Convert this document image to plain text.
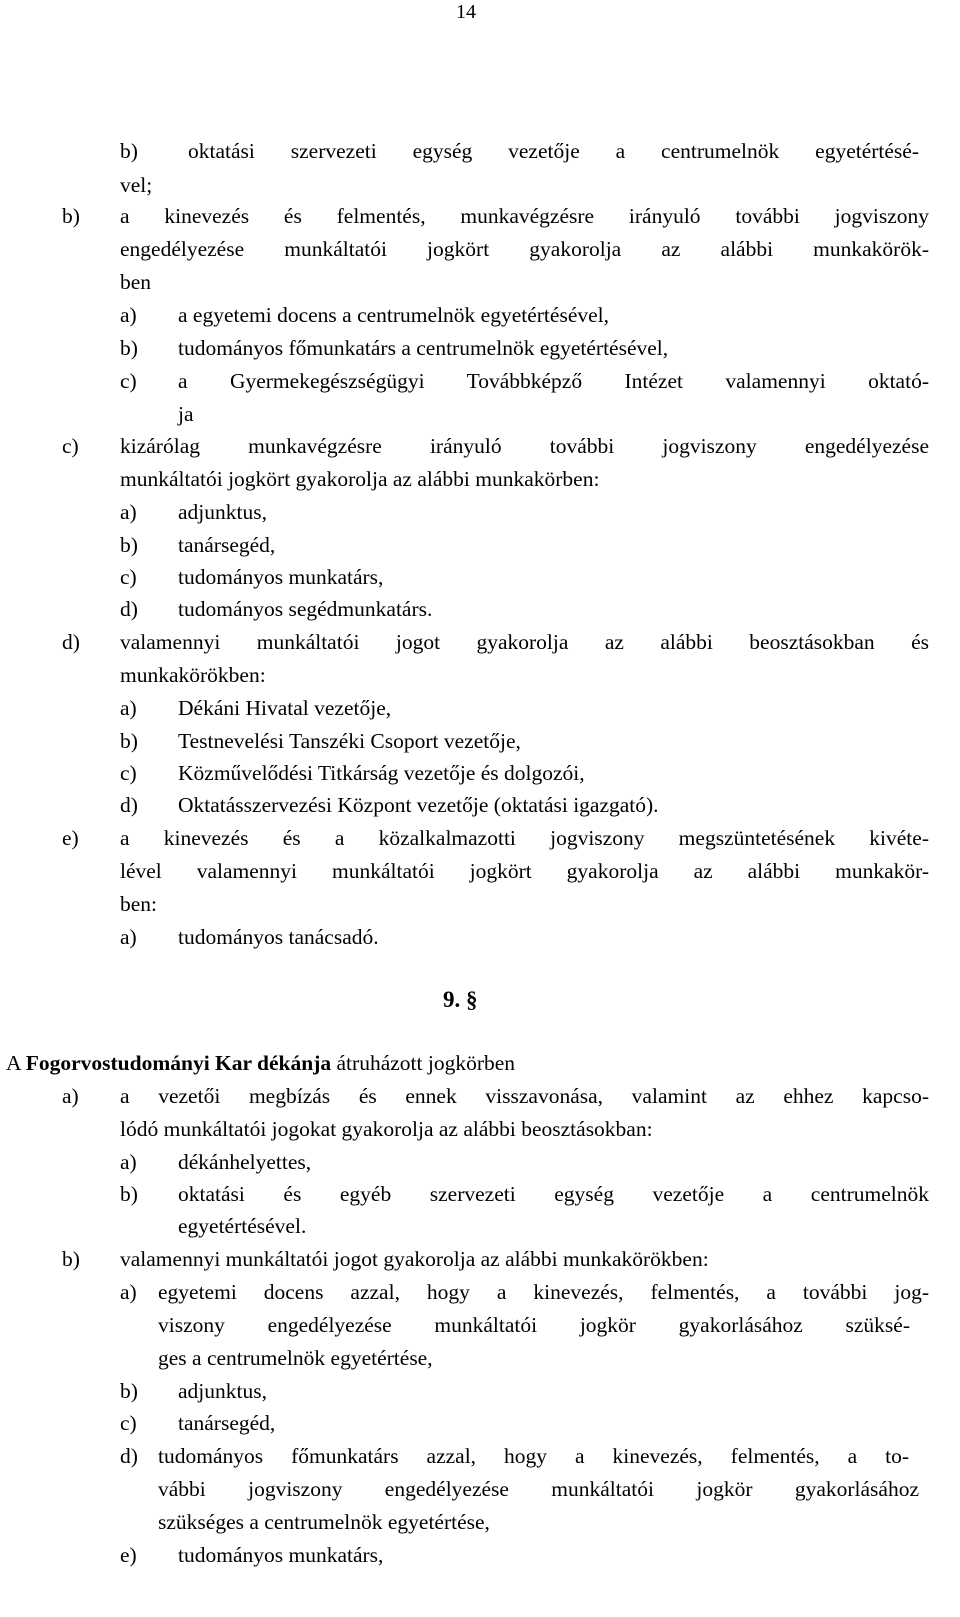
14
b) oktatási szervezeti egység vezetője a centrumelnök egyetértésé-
vel;
b) a kinevezés és felmentés, munkavégzésre irányuló további jogviszony
engedélyezése munkáltatói jogkört gyakorolja az alábbi munkakörök-
ben
a) a egyetemi docens a centrumelnök egyetértésével,
b) tudományos főmunkatárs a centrumelnök egyetértésével,
c) a Gyermekegészségügyi Továbbképző Intézet valamennyi oktató-
ja
c) kizárólag munkavégzésre irányuló további jogviszony engedélyezése
munkáltatói jogkört gyakorolja az alábbi munkakörben:
a) adjunktus,
b) tanársegéd,
c) tudományos munkatárs,
d) tudományos segédmunkatárs.
d) valamennyi munkáltatói jogot gyakorolja az alábbi beosztásokban és
munkakörökben:
a) Dékáni Hivatal vezetője,
b) Testnevelési Tanszéki Csoport vezetője,
c) Közművelődési Titkárság vezetője és dolgozói,
d) Oktatásszervezési Központ vezetője (oktatási igazgató).
e) a kinevezés és a közalkalmazotti jogviszony megszüntetésének kivéte-
lével valamennyi munkáltatói jogkört gyakorolja az alábbi munkakör-
ben:
a) tudományos tanácsadó.
9. §
A Fogorvostudományi Kar dékánja átruházott jogkörben
a) a vezetői megbízás és ennek visszavonása, valamint az ehhez kapcso-
lódó munkáltatói jogokat gyakorolja az alábbi beosztásokban:
a) dékánhelyettes,
b) oktatási és egyéb szervezeti egység vezetője a centrumelnök
egyetértésével.
b) valamennyi munkáltatói jogot gyakorolja az alábbi munkakörökben:
a) egyetemi docens azzal, hogy a kinevezés, felmentés, a további jog-
viszony engedélyezése munkáltatói jogkör gyakorlásához szüksé-
ges a centrumelnök egyetértése,
b) adjunktus,
c) tanársegéd,
d) tudományos főmunkatárs azzal, hogy a kinevezés, felmentés, a to-
vábbi jogviszony engedélyezése munkáltatói jogkör gyakorlásához
szükséges a centrumelnök egyetértése,
e) tudományos munkatárs,
